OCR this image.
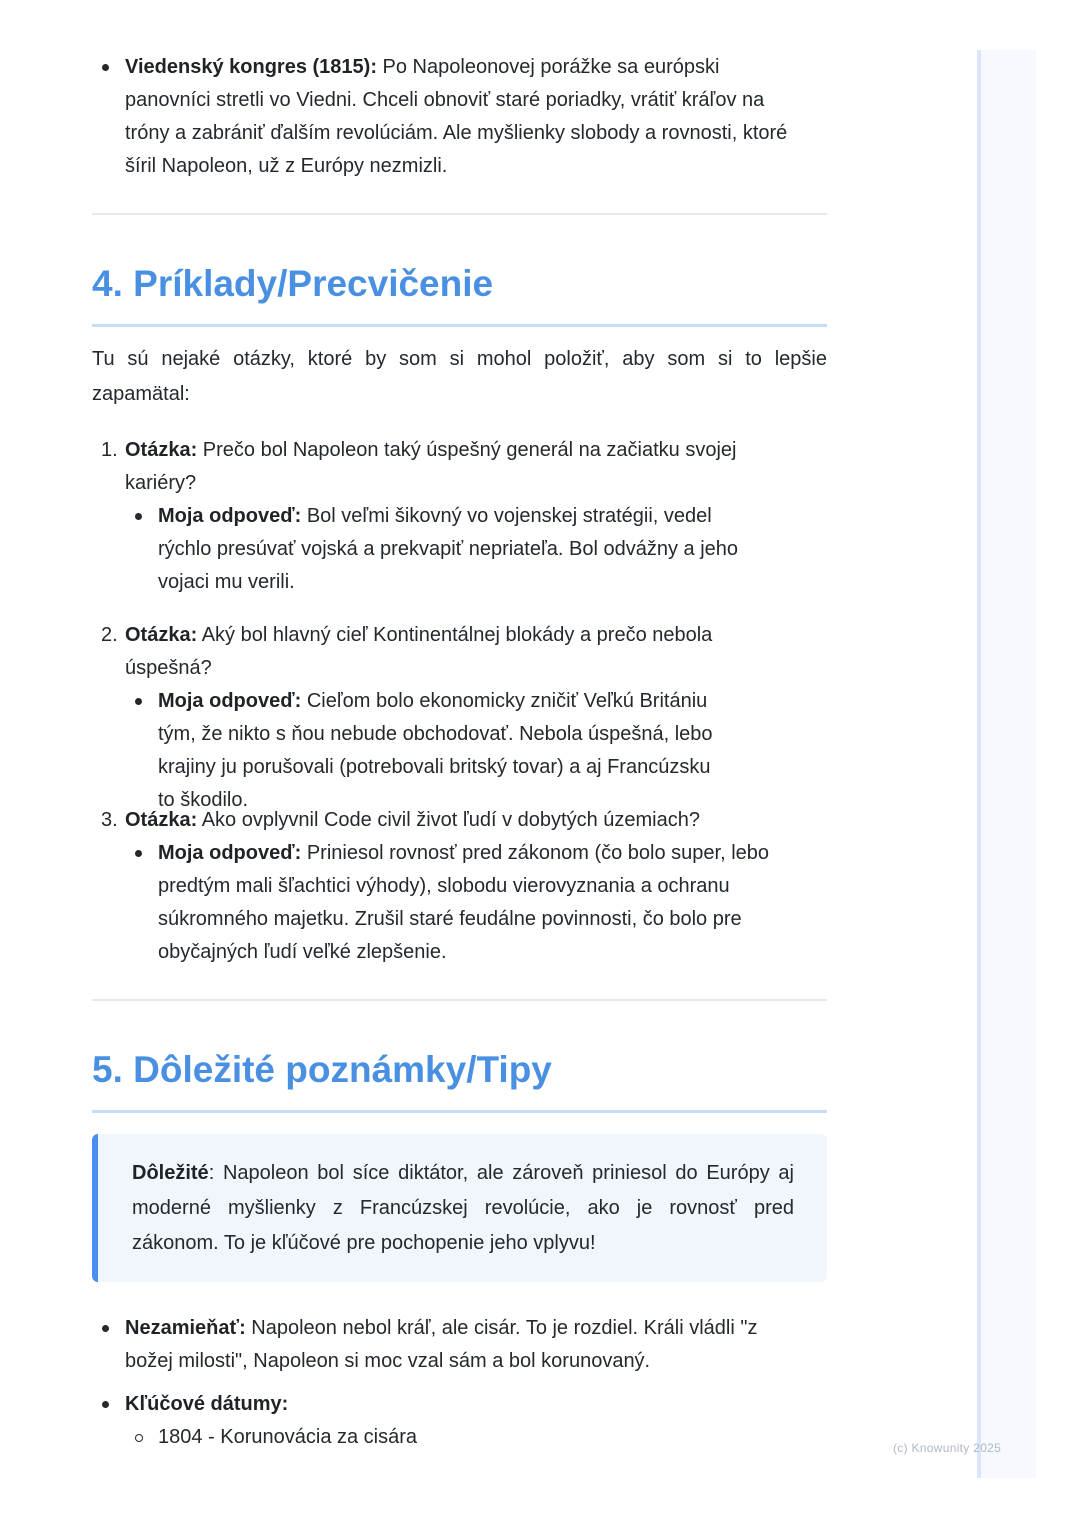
Viedenský kongres (1815): Po Napoleonovej porážke sa európski panovníci stretli vo Viedni. Chceli obnoviť staré poriadky, vrátiť kráľov na tróny a zabrániť ďalším revolúciám. Ale myšlienky slobody a rovnosti, ktoré šíril Napoleon, už z Európy nezmizli.
4. Príklady/Precvičenie

Tu sú nejaké otázky, ktoré by som si mohol položiť, aby som si to lepšie zapamätal:

1. Otázka: Prečo bol Napoleon taký úspešný generál na začiatku svojej kariéry?
Moja odpoveď: Bol veľmi šikovný vo vojenskej stratégii, vedel rýchlo presúvať vojská a prekvapiť nepriateľa. Bol odvážny a jeho vojaci mu verili.
2. Otázka: Aký bol hlavný cieľ Kontinentálnej blokády a prečo nebola úspešná?
Moja odpoveď: Cieľom bolo ekonomicky zničiť Veľkú Britániu tým, že nikto s ňou nebude obchodovať. Nebola úspešná, lebo krajiny ju porušovali (potrebovali britský tovar) a aj Francúzsku to škodilo.
3. Otázka: Ako ovplyvnil Code civil život ľudí v dobytých územiach?
Moja odpoveď: Priniesol rovnosť pred zákonom (čo bolo super, lebo predtým mali šľachtici výhody), slobodu vierovyznania a ochranu súkromného majetku. Zrušil staré feudálne povinnosti, čo bolo pre obyčajných ľudí veľké zlepšenie.
5. Dôležité poznámky/Tipy
Dôležité: Napoleon bol síce diktátor, ale zároveň priniesol do Európy aj moderné myšlienky z Francúzskej revolúcie, ako je rovnosť pred zákonom. To je kľúčové pre pochopenie jeho vplyvu!
Nezamieňať: Napoleon nebol kráľ, ale cisár. To je rozdiel. Králi vládli "z božej milosti", Napoleon si moc vzal sám a bol korunovaný.
Kľúčové dátumy:
1804 - Korunovácia za cisára	(c) Knowunity 2025
